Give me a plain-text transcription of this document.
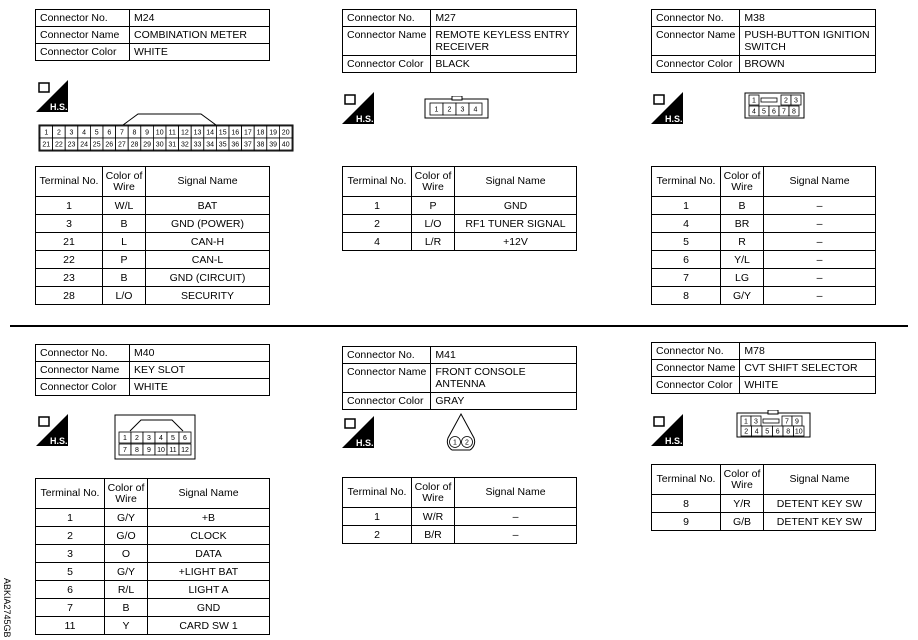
Connector No.	M24
Connector Name	COMBINATION METER
Connector Color	WHITE
H.S.
1 2 3 4 5 6 7 8 9 10 11 12 13 14 15 16 17 18 19 20
21 22 23 24 25 26 27 28 29 30 31 32 33 34 35 36 37 38 39 40
Terminal No.	Color of Wire	Signal Name
1	W/L	BAT
3	B	GND (POWER)
21	L	CAN-H
22	P	CAN-L
23	B	GND (CIRCUIT)
28	L/O	SECURITY
Connector No.	M27
Connector Name	REMOTE KEYLESS ENTRY RECEIVER
Connector Color	BLACK
H.S.
1 2 3 4
Terminal No.	Color of Wire	Signal Name
1	P	GND
2	L/O	RF1 TUNER SIGNAL
4	L/R	+12V
Connector No.	M38
Connector Name	PUSH-BUTTON IGNITION SWITCH
Connector Color	BROWN
H.S.
1	2 3
4 5 6 7 8
Terminal No.	Color of Wire	Signal Name
1	B	–
4	BR	–
5	R	–
6	Y/L	–
7	LG	–
8	G/Y	–
Connector No.	M40
Connector Name	KEY SLOT
Connector Color	WHITE
H.S.	1 2 3 4 5 6
7 8 9 10 11 12
Terminal No.	Color of Wire	Signal Name
1	G/Y	+B
2	G/O	CLOCK
3	O	DATA
5	G/Y	+LIGHT BAT
6	R/L	LIGHT A
7	B	GND
11	Y	CARD SW 1
Connector No.	M41
Connector Name	FRONT CONSOLE ANTENNA
Connector Color	GRAY
H.S.	1 2
Terminal No.	Color of Wire	Signal Name
1	W/R	–
2	B/R	–
Connector No.	M78
Connector Name	CVT SHIFT SELECTOR
Connector Color	WHITE
H.S.
1 3	7 9
2 4 5 6 8 10
Terminal No.	Color of Wire	Signal Name
8	Y/R	DETENT KEY SW
9	G/B	DETENT KEY SW
ABKIA2745GB
